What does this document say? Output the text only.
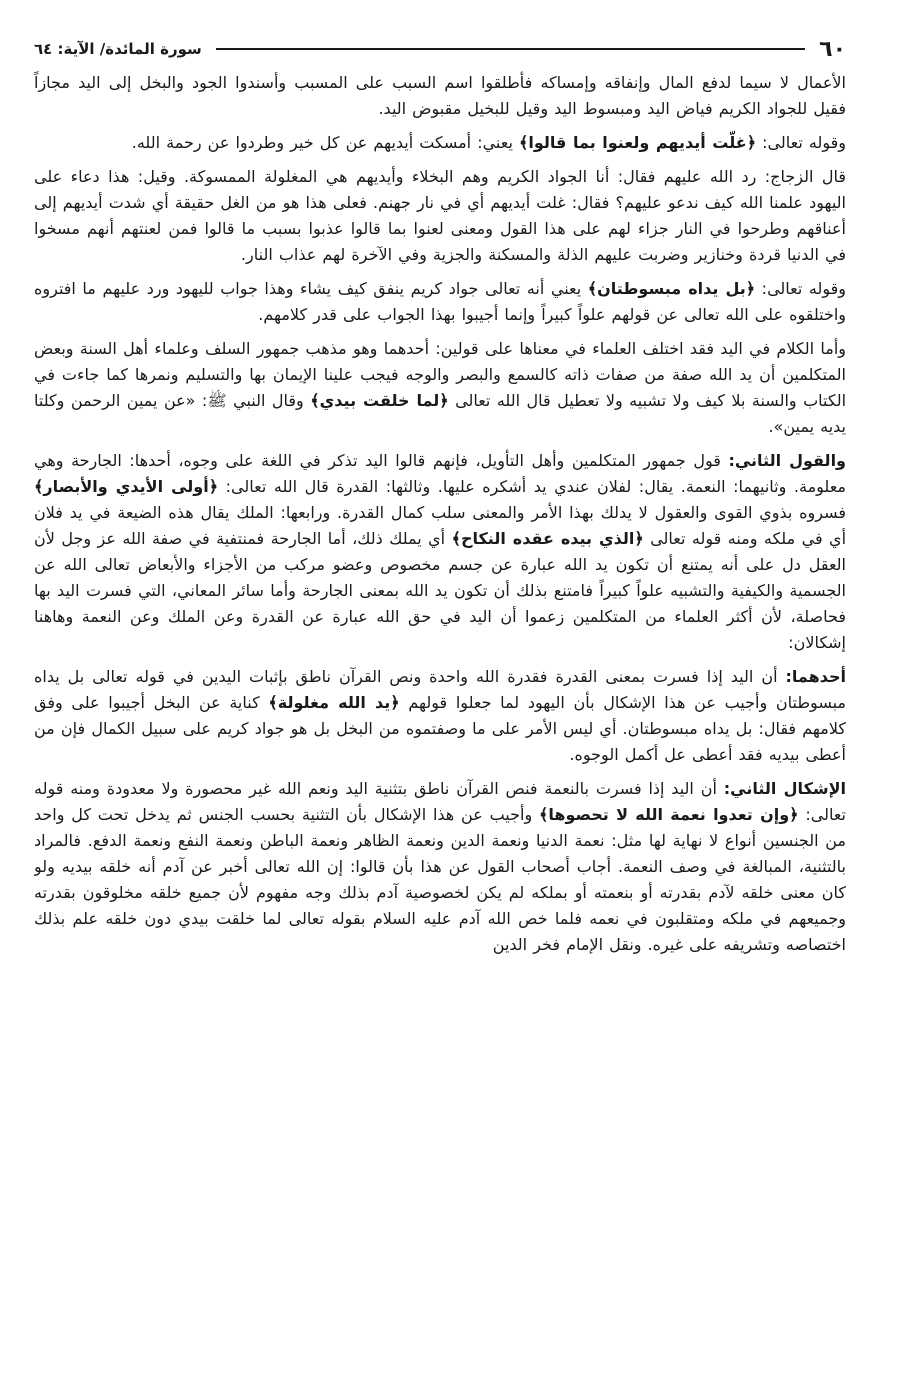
٦٠
سورة المائدة/ الآية: ٦٤

الأعمال لا سيما لدفع المال وإنفاقه وإمساكه فأطلقوا اسم السبب على المسبب وأسندوا الجود والبخل إلى اليد مجازاً فقيل للجواد الكريم فياض اليد ومبسوط اليد وقيل للبخيل مقبوض اليد.

وقوله تعالى: ﴿غلّت أيديهم ولعنوا بما قالوا﴾ يعني: أمسكت أيديهم عن كل خير وطردوا عن رحمة الله.

قال الزجاج: رد الله عليهم فقال: أنا الجواد الكريم وهم البخلاء وأيديهم هي المغلولة الممسوكة. وقيل: هذا دعاء على اليهود علمنا الله كيف ندعو عليهم؟ فقال: غلت أيديهم أي في نار جهنم. فعلى هذا هو من الغل حقيقة أي شدت أيديهم إلى أعناقهم وطرحوا في النار جزاء لهم على هذا القول ومعنى لعنوا بما قالوا عذبوا بسبب ما قالوا فمن لعنتهم أنهم مسخوا في الدنيا قردة وخنازير وضربت عليهم الذلة والمسكنة والجزية وفي الآخرة لهم عذاب النار.

وقوله تعالى: ﴿بل يداه مبسوطتان﴾ يعني أنه تعالى جواد كريم ينفق كيف يشاء وهذا جواب لليهود ورد عليهم ما افتروه واختلقوه على الله تعالى عن قولهم علواً كبيراً وإنما أجيبوا بهذا الجواب على قدر كلامهم.

وأما الكلام في اليد فقد اختلف العلماء في معناها على قولين: أحدهما وهو مذهب جمهور السلف وعلماء أهل السنة وبعض المتكلمين أن يد الله صفة من صفات ذاته كالسمع والبصر والوجه فيجب علينا الإيمان بها والتسليم ونمرها كما جاءت في الكتاب والسنة بلا كيف ولا تشبيه ولا تعطيل قال الله تعالى ﴿لما خلقت بيدي﴾ وقال النبي ﷺ: «عن يمين الرحمن وكلتا يديه يمين».

والقول الثاني: قول جمهور المتكلمين وأهل التأويل، فإنهم قالوا اليد تذكر في اللغة على وجوه، أحدها: الجارحة وهي معلومة. وثانيهما: النعمة. يقال: لفلان عندي يد أشكره عليها. وثالثها: القدرة قال الله تعالى: ﴿أولى الأيدي والأبصار﴾ فسروه بذوي القوى والعقول لا يدلك بهذا الأمر والمعنى سلب كمال القدرة. ورابعها: الملك يقال هذه الضيعة في يد فلان أي في ملكه ومنه قوله تعالى ﴿الذي بيده عقده النكاح﴾ أي يملك ذلك، أما الجارحة فمنتفية في صفة الله عز وجل لأن العقل دل على أنه يمتنع أن تكون يد الله عبارة عن جسم مخصوص وعضو مركب من الأجزاء والأبعاض تعالى الله عن الجسمية والكيفية والتشبيه علواً كبيراً فامتنع بذلك أن تكون يد الله بمعنى الجارحة وأما سائر المعاني، التي فسرت اليد بها فحاصلة، لأن أكثر العلماء من المتكلمين زعموا أن اليد في حق الله عبارة عن القدرة وعن الملك وعن النعمة وهاهنا إشكالان:

أحدهما: أن اليد إذا فسرت بمعنى القدرة فقدرة الله واحدة ونص القرآن ناطق بإثبات اليدين في قوله تعالى بل يداه مبسوطتان وأجيب عن هذا الإشكال بأن اليهود لما جعلوا قولهم ﴿يد الله مغلولة﴾ كناية عن البخل أجيبوا على وفق كلامهم فقال: بل يداه مبسوطتان. أي ليس الأمر على ما وصفتموه من البخل بل هو جواد كريم على سبيل الكمال فإن من أعطى بيديه فقد أعطى عل أكمل الوجوه.

الإشكال الثاني: أن اليد إذا فسرت بالنعمة فنص القرآن ناطق بتثنية اليد ونعم الله غير محصورة ولا معدودة ومنه قوله تعالى: ﴿وإن تعدوا نعمة الله لا تحصوها﴾ وأجيب عن هذا الإشكال بأن التثنية بحسب الجنس ثم يدخل تحت كل واحد من الجنسين أنواع لا نهاية لها مثل: نعمة الدنيا ونعمة الدين ونعمة الظاهر ونعمة الباطن ونعمة النفع ونعمة الدفع. فالمراد بالتثنية، المبالغة في وصف النعمة. أجاب أصحاب القول عن هذا بأن قالوا: إن الله تعالى أخبر عن آدم أنه خلقه بيديه ولو كان معنى خلقه لآدم بقدرته أو بنعمته أو بملكه لم يكن لخصوصية آدم بذلك وجه مفهوم لأن جميع خلقه مخلوقون بقدرته وجميعهم في ملكه ومتقلبون في نعمه فلما خص الله آدم عليه السلام بقوله تعالى لما خلقت بيدي دون خلقه علم بذلك اختصاصه وتشريفه على غيره. ونقل الإمام فخر الدين
